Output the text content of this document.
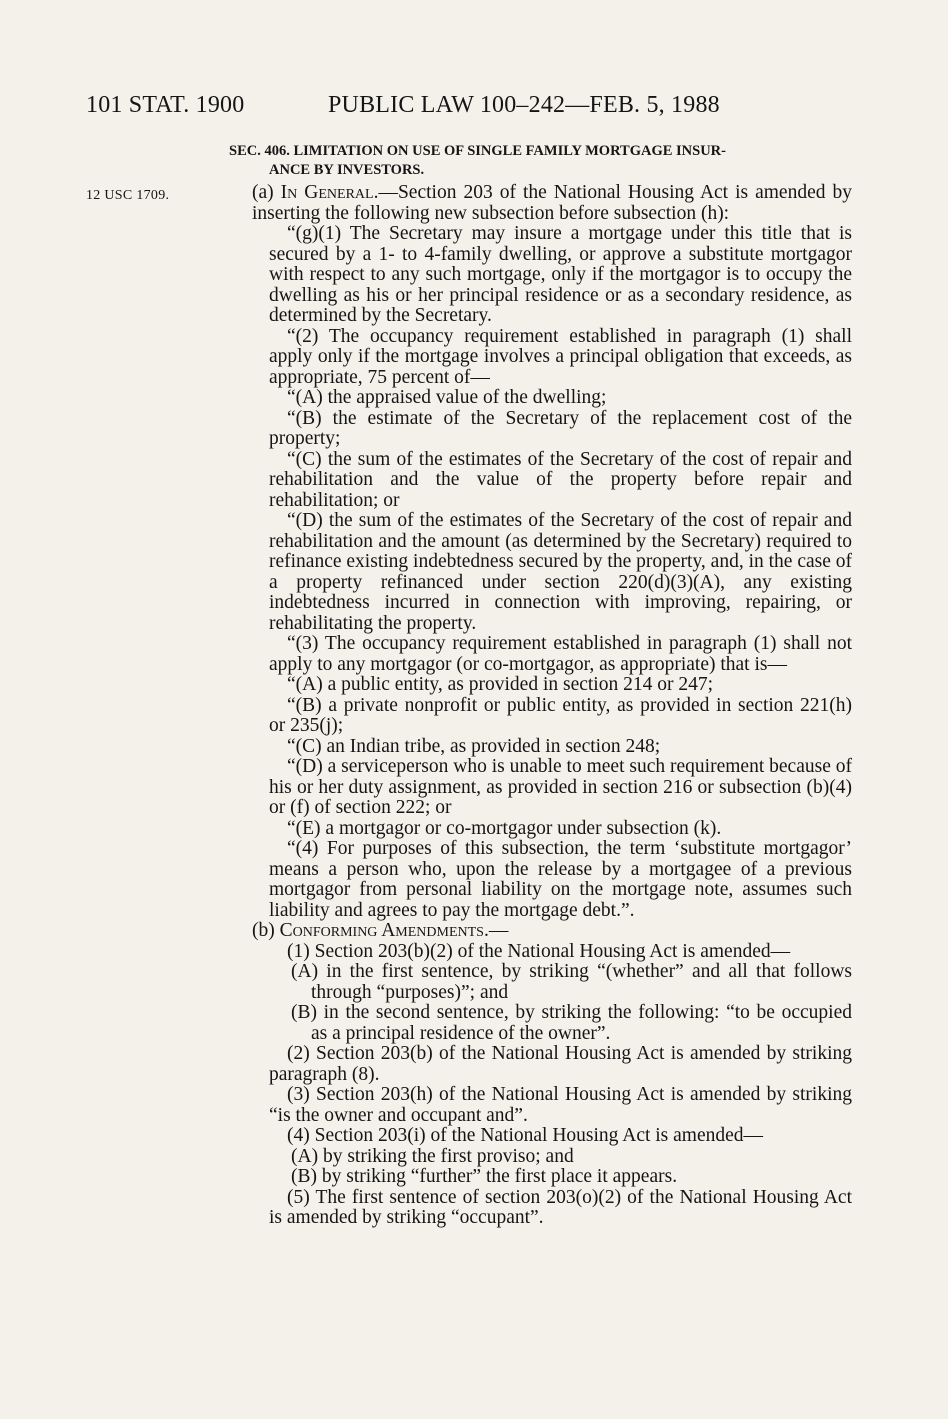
101 STAT. 1900	PUBLIC LAW 100–242—FEB. 5, 1988
12 USC 1709.
SEC. 406. LIMITATION ON USE OF SINGLE FAMILY MORTGAGE INSUR-
ANCE BY INVESTORS.

(a) In General.—Section 203 of the National Housing Act is amended by inserting the following new subsection before subsection (h):

“(g)(1) The Secretary may insure a mortgage under this title that is secured by a 1- to 4-family dwelling, or approve a substitute mortgagor with respect to any such mortgage, only if the mortgagor is to occupy the dwelling as his or her principal residence or as a secondary residence, as determined by the Secretary.

“(2) The occupancy requirement established in paragraph (1) shall apply only if the mortgage involves a principal obligation that exceeds, as appropriate, 75 percent of—

“(A) the appraised value of the dwelling;

“(B) the estimate of the Secretary of the replacement cost of the property;

“(C) the sum of the estimates of the Secretary of the cost of repair and rehabilitation and the value of the property before repair and rehabilitation; or

“(D) the sum of the estimates of the Secretary of the cost of repair and rehabilitation and the amount (as determined by the Secretary) required to refinance existing indebtedness secured by the property, and, in the case of a property refinanced under section 220(d)(3)(A), any existing indebtedness incurred in connection with improving, repairing, or rehabilitating the property.

“(3) The occupancy requirement established in paragraph (1) shall not apply to any mortgagor (or co-mortgagor, as appropriate) that is—

“(A) a public entity, as provided in section 214 or 247;

“(B) a private nonprofit or public entity, as provided in section 221(h) or 235(j);

“(C) an Indian tribe, as provided in section 248;

“(D) a serviceperson who is unable to meet such requirement because of his or her duty assignment, as provided in section 216 or subsection (b)(4) or (f) of section 222; or

“(E) a mortgagor or co-mortgagor under subsection (k).

“(4) For purposes of this subsection, the term ‘substitute mortgagor’ means a person who, upon the release by a mortgagee of a previous mortgagor from personal liability on the mortgage note, assumes such liability and agrees to pay the mortgage debt.”.

(b) Conforming Amendments.—

(1) Section 203(b)(2) of the National Housing Act is amended—

(A) in the first sentence, by striking “(whether” and all that follows through “purposes)”; and

(B) in the second sentence, by striking the following: “to be occupied as a principal residence of the owner”.

(2) Section 203(b) of the National Housing Act is amended by striking paragraph (8).

(3) Section 203(h) of the National Housing Act is amended by striking “is the owner and occupant and”.

(4) Section 203(i) of the National Housing Act is amended—

(A) by striking the first proviso; and

(B) by striking “further” the first place it appears.

(5) The first sentence of section 203(o)(2) of the National Housing Act is amended by striking “occupant”.
